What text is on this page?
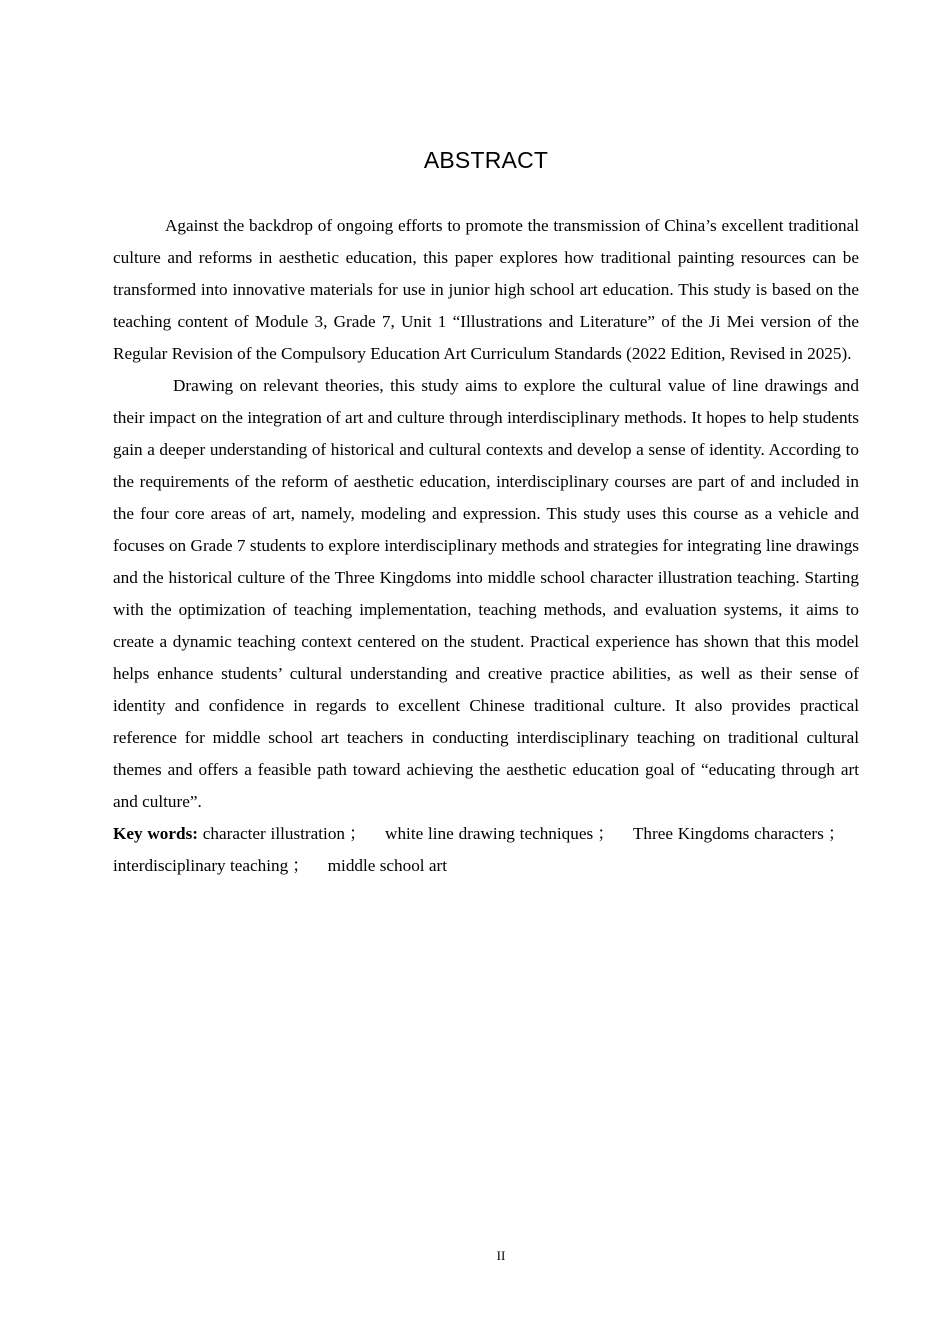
ABSTRACT

Against the backdrop of ongoing efforts to promote the transmission of China’s excellent traditional culture and reforms in aesthetic education, this paper explores how traditional painting resources can be transformed into innovative materials for use in junior high school art education. This study is based on the teaching content of Module 3, Grade 7, Unit 1 “Illustrations and Literature” of the Ji Mei version of the Regular Revision of the Compulsory Education Art Curriculum Standards (2022 Edition, Revised in 2025).

Drawing on relevant theories, this study aims to explore the cultural value of line drawings and their impact on the integration of art and culture through interdisciplinary methods. It hopes to help students gain a deeper understanding of historical and cultural contexts and develop a sense of identity. According to the requirements of the reform of aesthetic education, interdisciplinary courses are part of and included in the four core areas of art, namely, modeling and expression. This study uses this course as a vehicle and focuses on Grade 7 students to explore interdisciplinary methods and strategies for integrating line drawings and the historical culture of the Three Kingdoms into middle school character illustration teaching. Starting with the optimization of teaching implementation, teaching methods, and evaluation systems, it aims to create a dynamic teaching context centered on the student. Practical experience has shown that this model helps enhance students’ cultural understanding and creative practice abilities, as well as their sense of identity and confidence in regards to excellent Chinese traditional culture. It also provides practical reference for middle school art teachers in conducting interdisciplinary teaching on traditional cultural themes and offers a feasible path toward achieving the aesthetic education goal of “educating through art and culture”.

Key words: character illustration ； white line drawing techniques ； Three Kingdoms characters ； interdisciplinary teaching ； middle school art

II
